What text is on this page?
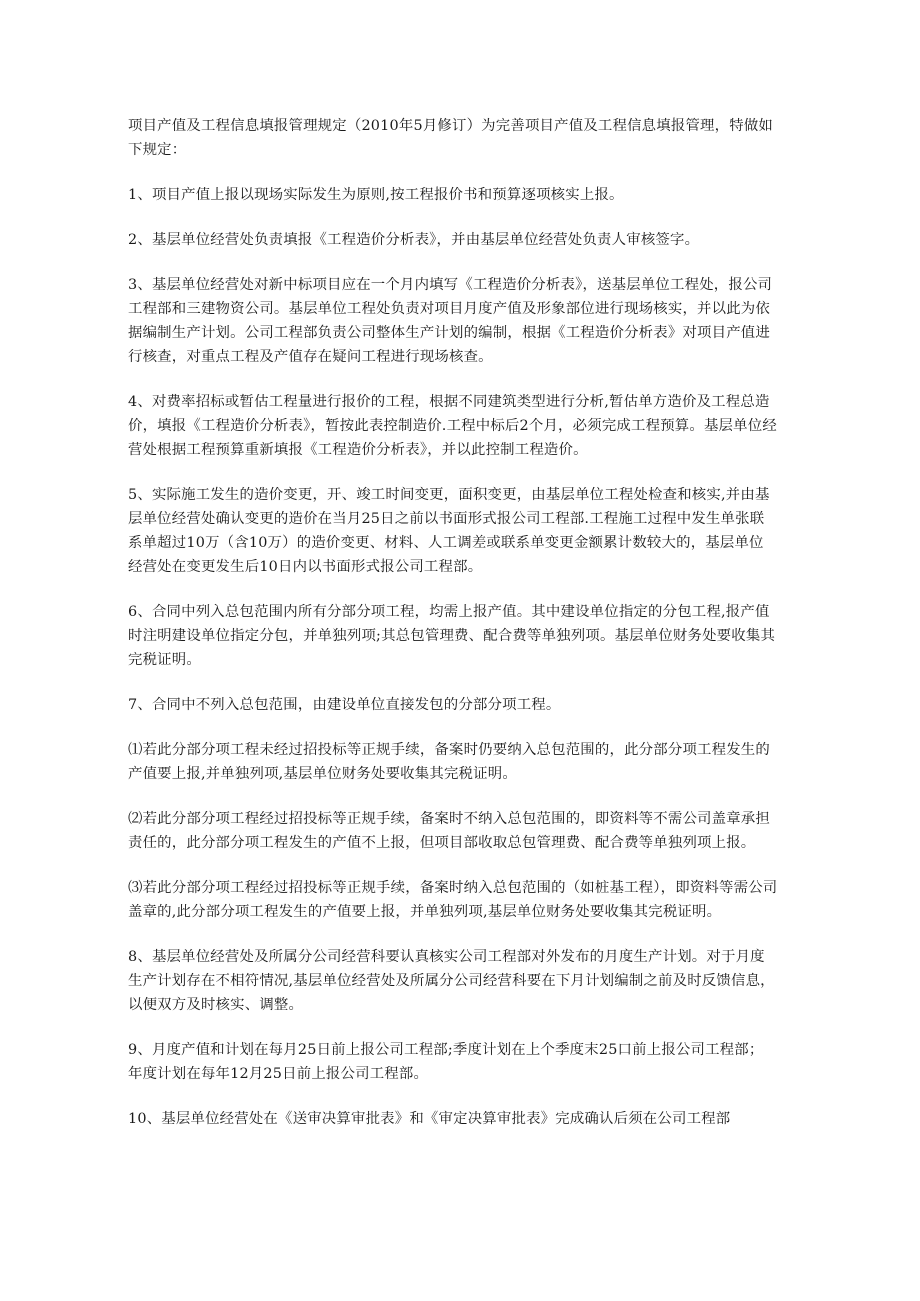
项目产值及工程信息填报管理规定（2010年5月修订）为完善项目产值及工程信息填报管理，特做如下规定：

1、项目产值上报以现场实际发生为原则,按工程报价书和预算逐项核实上报。

2、基层单位经营处负责填报《工程造价分析表》，并由基层单位经营处负责人审核签字。

3、基层单位经营处对新中标项目应在一个月内填写《工程造价分析表》，送基层单位工程处，报公司工程部和三建物资公司。基层单位工程处负责对项目月度产值及形象部位进行现场核实，并以此为依据编制生产计划。公司工程部负责公司整体生产计划的编制，根据《工程造价分析表》对项目产值进行核查，对重点工程及产值存在疑问工程进行现场核查。

4、对费率招标或暂估工程量进行报价的工程，根据不同建筑类型进行分析,暂估单方造价及工程总造价，填报《工程造价分析表》，暂按此表控制造价.工程中标后2个月，必须完成工程预算。基层单位经营处根据工程预算重新填报《工程造价分析表》，并以此控制工程造价。

5、实际施工发生的造价变更，开、竣工时间变更，面积变更，由基层单位工程处检查和核实,并由基层单位经营处确认变更的造价在当月25日之前以书面形式报公司工程部.工程施工过程中发生单张联系单超过10万（含10万）的造价变更、材料、人工调差或联系单变更金额累计数较大的，基层单位经营处在变更发生后10日内以书面形式报公司工程部。

6、合同中列入总包范围内所有分部分项工程，均需上报产值。其中建设单位指定的分包工程,报产值时注明建设单位指定分包，并单独列项;其总包管理费、配合费等单独列项。基层单位财务处要收集其完税证明。

7、合同中不列入总包范围，由建设单位直接发包的分部分项工程。

⑴若此分部分项工程未经过招投标等正规手续，备案时仍要纳入总包范围的，此分部分项工程发生的产值要上报,并单独列项,基层单位财务处要收集其完税证明。

⑵若此分部分项工程经过招投标等正规手续，备案时不纳入总包范围的，即资料等不需公司盖章承担责任的，此分部分项工程发生的产值不上报，但项目部收取总包管理费、配合费等单独列项上报。

⑶若此分部分项工程经过招投标等正规手续，备案时纳入总包范围的（如桩基工程），即资料等需公司盖章的,此分部分项工程发生的产值要上报，并单独列项,基层单位财务处要收集其完税证明。

8、基层单位经营处及所属分公司经营科要认真核实公司工程部对外发布的月度生产计划。对于月度生产计划存在不相符情况,基层单位经营处及所属分公司经营科要在下月计划编制之前及时反馈信息，以便双方及时核实、调整。

9、月度产值和计划在每月25日前上报公司工程部;季度计划在上个季度末25口前上报公司工程部；年度计划在每年12月25日前上报公司工程部。

10、基层单位经营处在《送审决算审批表》和《审定决算审批表》完成确认后须在公司工程部
